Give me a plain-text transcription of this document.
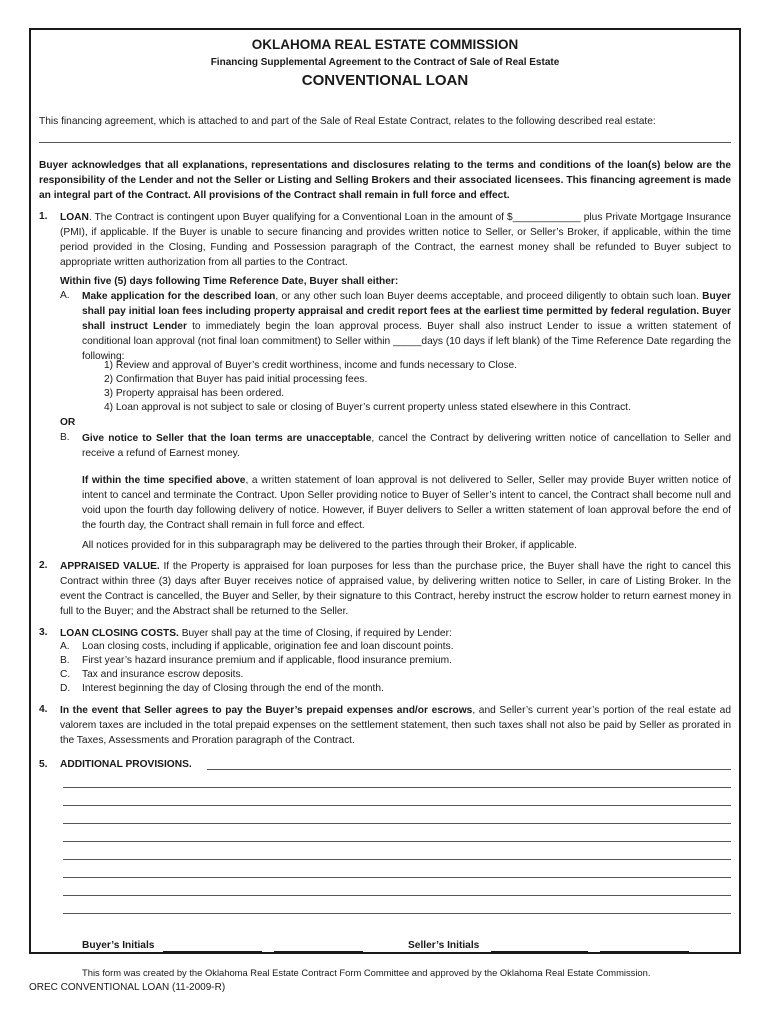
OKLAHOMA REAL ESTATE COMMISSION
Financing Supplemental Agreement to the Contract of Sale of Real Estate
CONVENTIONAL LOAN

This financing agreement, which is attached to and part of the Sale of Real Estate Contract, relates to the following described real estate:

Buyer acknowledges that all explanations, representations and disclosures relating to the terms and conditions of the loan(s) below are the responsibility of the Lender and not the Seller or Listing and Selling Brokers and their associated licensees. This financing agreement is made an integral part of the Contract. All provisions of the Contract shall remain in full force and effect.

1. LOAN. The Contract is contingent upon Buyer qualifying for a Conventional Loan in the amount of $____________ plus Private Mortgage Insurance (PMI), if applicable. If the Buyer is unable to secure financing and provides written notice to Seller, or Seller’s Broker, if applicable, within the time period provided in the Closing, Funding and Possession paragraph of the Contract, the earnest money shall be refunded to Buyer subject to appropriate written authorization from all parties to the Contract.

Within five (5) days following Time Reference Date, Buyer shall either:

A. Make application for the described loan, or any other such loan Buyer deems acceptable, and proceed diligently to obtain such loan. Buyer shall pay initial loan fees including property appraisal and credit report fees at the earliest time permitted by federal regulation. Buyer shall instruct Lender to immediately begin the loan approval process. Buyer shall also instruct Lender to issue a written statement of conditional loan approval (not final loan commitment) to Seller within _____days (10 days if left blank) of the Time Reference Date regarding the following:

1) Review and approval of Buyer’s credit worthiness, income and funds necessary to Close.
2) Confirmation that Buyer has paid initial processing fees.
3) Property appraisal has been ordered.
4) Loan approval is not subject to sale or closing of Buyer’s current property unless stated elsewhere in this Contract.
OR
B. Give notice to Seller that the loan terms are unacceptable, cancel the Contract by delivering written notice of cancellation to Seller and receive a refund of Earnest money.

If within the time specified above, a written statement of loan approval is not delivered to Seller, Seller may provide Buyer written notice of intent to cancel and terminate the Contract. Upon Seller providing notice to Buyer of Seller’s intent to cancel, the Contract shall become null and void upon the fourth day following delivery of notice. However, if Buyer delivers to Seller a written statement of loan approval before the end of the fourth day, the Contract shall remain in full force and effect.

All notices provided for in this subparagraph may be delivered to the parties through their Broker, if applicable.

2. APPRAISED VALUE. If the Property is appraised for loan purposes for less than the purchase price, the Buyer shall have the right to cancel this Contract within three (3) days after Buyer receives notice of appraised value, by delivering written notice to Seller, in care of Listing Broker. In the event the Contract is cancelled, the Buyer and Seller, by their signature to this Contract, hereby instruct the escrow holder to return earnest money in full to the Buyer; and the Abstract shall be returned to the Seller.

3. LOAN CLOSING COSTS. Buyer shall pay at the time of Closing, if required by Lender:

A.	Loan closing costs, including if applicable, origination fee and loan discount points.
B.	First year’s hazard insurance premium and if applicable, flood insurance premium.
C.	Tax and insurance escrow deposits.
D.	Interest beginning the day of Closing through the end of the month.
4. In the event that Seller agrees to pay the Buyer’s prepaid expenses and/or escrows, and Seller’s current year’s portion of the real estate ad valorem taxes are included in the total prepaid expenses on the settlement statement, then such taxes shall not also be paid by Seller as prorated in the Taxes, Assessments and Proration paragraph of the Contract.

5. ADDITIONAL PROVISIONS.
Buyer’s Initials	Seller’s Initials
This form was created by the Oklahoma Real Estate Contract Form Committee and approved by the Oklahoma Real Estate Commission.
OREC CONVENTIONAL LOAN (11-2009-R)
